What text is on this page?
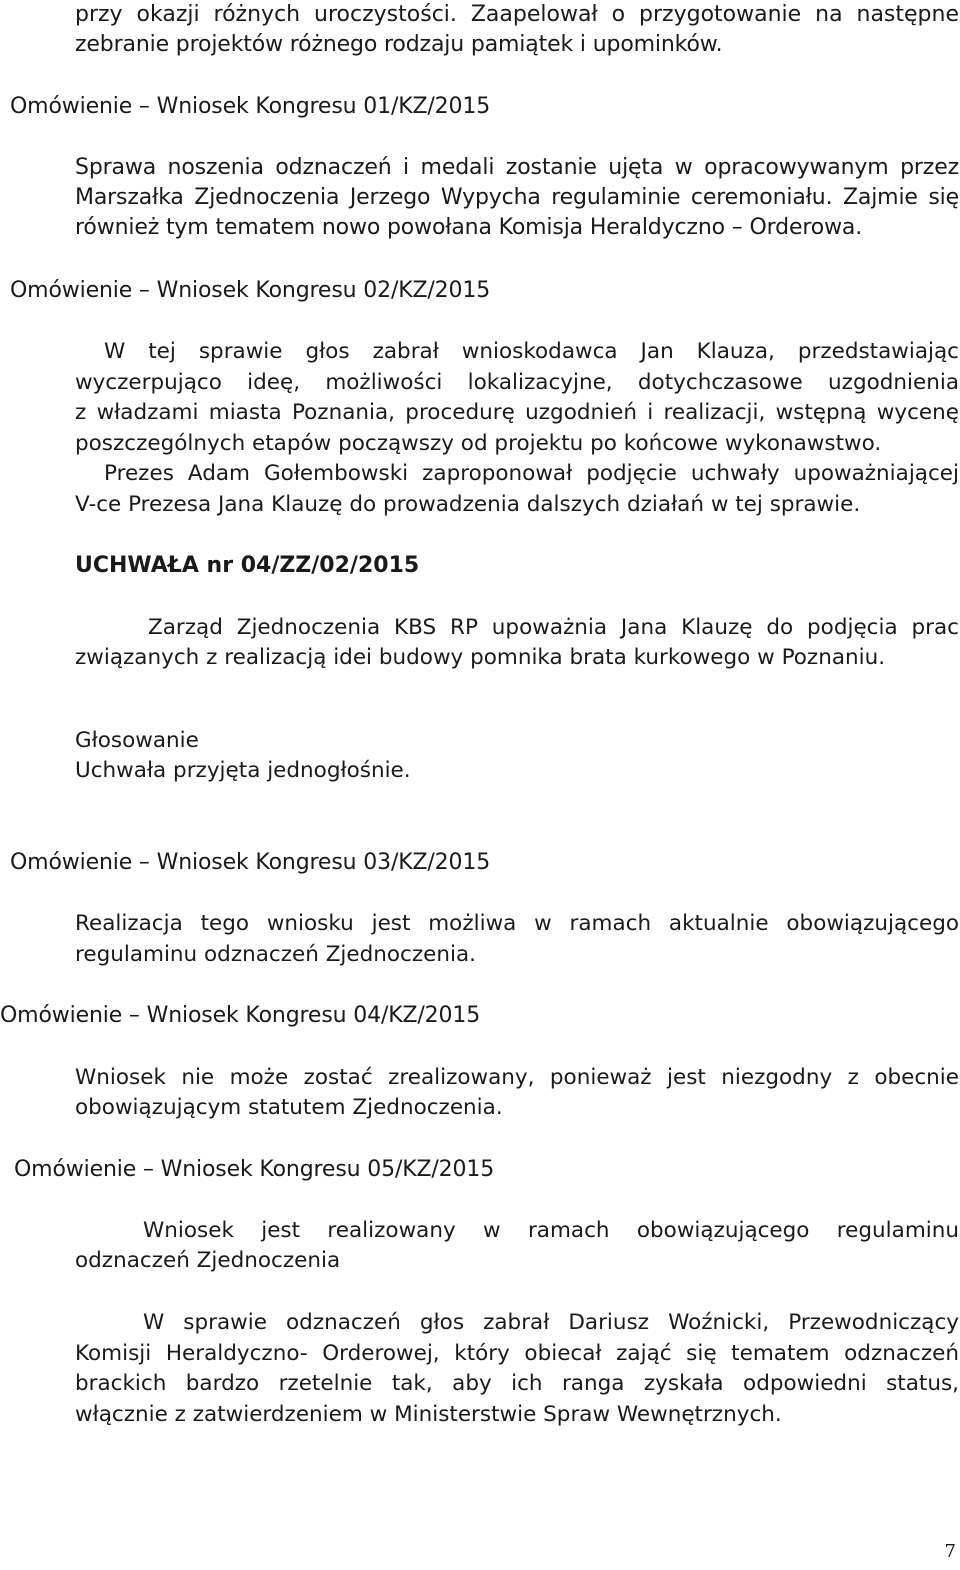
przy okazji różnych uroczystości. Zaapelował o przygotowanie na następne
zebranie projektów różnego rodzaju pamiątek i upominków.
Omówienie – Wniosek Kongresu 01/KZ/2015
Sprawa noszenia odznaczeń i medali zostanie ujęta w opracowywanym przez
Marszałka Zjednoczenia Jerzego Wypycha regulaminie ceremoniału. Zajmie się
również tym tematem nowo powołana Komisja Heraldyczno – Orderowa.
Omówienie – Wniosek Kongresu 02/KZ/2015
W tej sprawie głos zabrał wnioskodawca Jan Klauza, przedstawiając
wyczerpująco ideę, możliwości lokalizacyjne, dotychczasowe uzgodnienia
z władzami miasta Poznania, procedurę uzgodnień i realizacji, wstępną wycenę
poszczególnych etapów począwszy od projektu po końcowe wykonawstwo.
Prezes Adam Gołembowski zaproponował podjęcie uchwały upoważniającej
V-ce Prezesa Jana Klauzę do prowadzenia dalszych działań w tej sprawie.
UCHWAŁA nr 04/ZZ/02/2015
Zarząd Zjednoczenia KBS RP upoważnia Jana Klauzę do podjęcia prac
związanych z realizacją idei budowy pomnika brata kurkowego w Poznaniu.
Głosowanie
Uchwała przyjęta jednogłośnie.
Omówienie – Wniosek Kongresu 03/KZ/2015
Realizacja tego wniosku jest możliwa w ramach aktualnie obowiązującego
regulaminu odznaczeń Zjednoczenia.
Omówienie – Wniosek Kongresu 04/KZ/2015
Wniosek nie może zostać zrealizowany, ponieważ jest niezgodny z obecnie
obowiązującym statutem Zjednoczenia.
Omówienie – Wniosek Kongresu 05/KZ/2015
Wniosek jest realizowany w ramach obowiązującego regulaminu
odznaczeń Zjednoczenia
W sprawie odznaczeń głos zabrał Dariusz Woźnicki, Przewodniczący
Komisji Heraldyczno- Orderowej, który obiecał zająć się tematem odznaczeń
brackich bardzo rzetelnie tak, aby ich ranga zyskała odpowiedni status,
włącznie z zatwierdzeniem w Ministerstwie Spraw Wewnętrznych.
7
